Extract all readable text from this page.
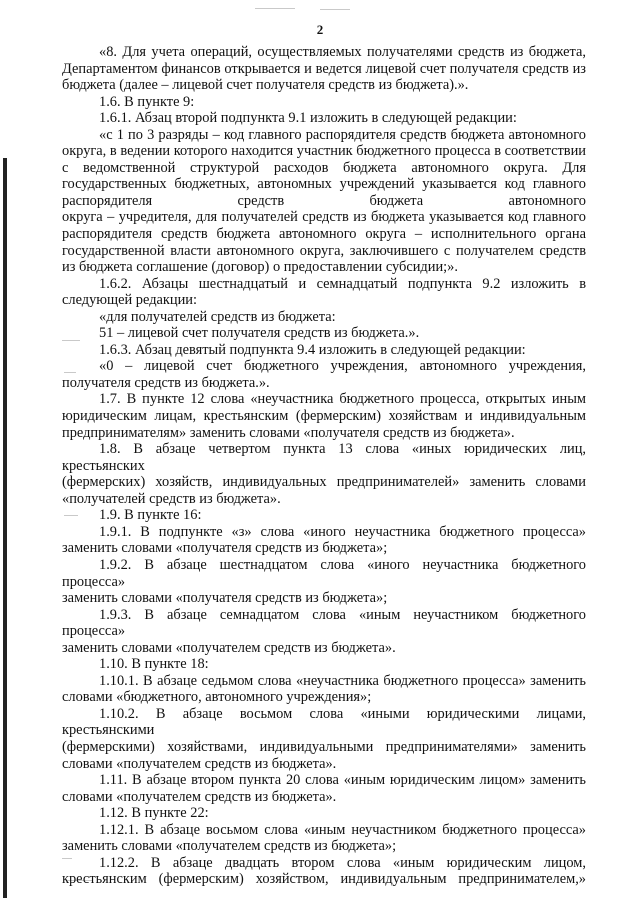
2

«8. Для учета операций, осуществляемых получателями средств из бюджета,

Департаментом финансов открывается и ведется лицевой счет получателя средств из

бюджета (далее – лицевой счет получателя средств из бюджета).».

1.6. В пункте 9:

1.6.1. Абзац второй подпункта 9.1 изложить в следующей редакции:

«с 1 по 3 разряды – код главного распорядителя средств бюджета автономного

округа, в ведении которого находится участник бюджетного процесса в соответствии

с ведомственной структурой расходов бюджета автономного округа. Для

государственных бюджетных, автономных учреждений указывается код главного

распорядителя средств бюджета автономного

округа – учредителя, для получателей средств из бюджета указывается код главного

распорядителя средств бюджета автономного округа – исполнительного органа

государственной власти автономного округа, заключившего с получателем средств

из бюджета соглашение (договор) о предоставлении субсидии;».

1.6.2. Абзацы шестнадцатый и семнадцатый подпункта 9.2 изложить в

следующей редакции:

«для получателей средств из бюджета:

51 – лицевой счет получателя средств из бюджета.».

1.6.3. Абзац девятый подпункта 9.4 изложить в следующей редакции:

«0 – лицевой счет бюджетного учреждения, автономного учреждения,

получателя средств из бюджета.».

1.7. В пункте 12 слова «неучастника бюджетного процесса, открытых иным

юридическим лицам, крестьянским (фермерским) хозяйствам и индивидуальным

предпринимателям» заменить словами «получателя средств из бюджета».

1.8. В абзаце четвертом пункта 13 слова «иных юридических лиц, крестьянских

(фермерских) хозяйств, индивидуальных предпринимателей» заменить словами

«получателей средств из бюджета».

1.9. В пункте 16:

1.9.1. В подпункте «з» слова «иного неучастника бюджетного процесса»

заменить словами «получателя средств из бюджета»;

1.9.2. В абзаце шестнадцатом слова «иного неучастника бюджетного процесса»

заменить словами «получателя средств из бюджета»;

1.9.3. В абзаце семнадцатом слова «иным неучастником бюджетного процесса»

заменить словами «получателем средств из бюджета».

1.10. В пункте 18:

1.10.1. В абзаце седьмом слова «неучастника бюджетного процесса» заменить

словами «бюджетного, автономного учреждения»;

1.10.2. В абзаце восьмом слова «иными юридическими лицами, крестьянскими

(фермерскими) хозяйствами, индивидуальными предпринимателями» заменить

словами «получателем средств из бюджета».

1.11. В абзаце втором пункта 20 слова «иным юридическим лицом» заменить

словами «получателем средств из бюджета».

1.12. В пункте 22:

1.12.1. В абзаце восьмом слова «иным неучастником бюджетного процесса»

заменить словами «получателем средств из бюджета»;

1.12.2. В абзаце двадцать втором слова «иным юридическим лицом,

крестьянским (фермерским) хозяйством, индивидуальным предпринимателем,»
